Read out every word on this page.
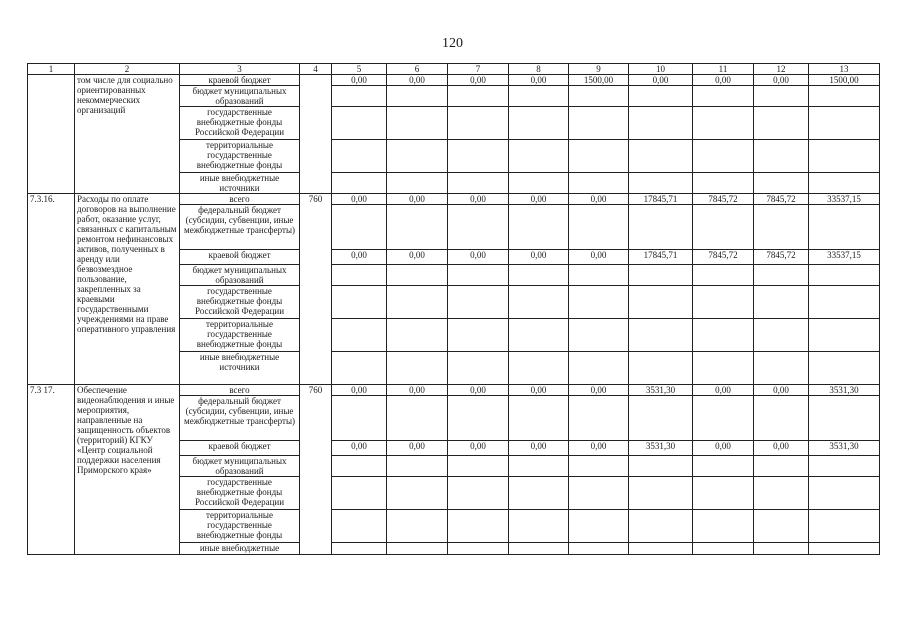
120
1	2	3	4	5	6	7	8	9	10	11	12	13
	том числе для социально ориентированных некоммерческих организаций	краевой бюджет		0,00	0,00	0,00	0,00	1500,00	0,00	0,00	0,00	1500,00
		бюджет муниципальных образований										
		государственные внебюджетные фонды Российской Федерации										
		территориальные государственные внебюджетные фонды										
		иные внебюджетные источники										
7.3.16.	Расходы по оплате договоров на выполнение работ, оказание услуг, связанных с капитальным ремонтом нефинансовых активов, полученных в аренду или безвозмездное пользование, закрепленных за краевыми государственными учреждениями на праве оперативного управления	всего	760	0,00	0,00	0,00	0,00	0,00	17845,71	7845,72	7845,72	33537,15
		федеральный бюджет (субсидии, субвенции, иные межбюджетные трансферты)										
		краевой бюджет		0,00	0,00	0,00	0,00	0,00	17845,71	7845,72	7845,72	33537,15
		бюджет муниципальных образований										
		государственные внебюджетные фонды Российской Федерации										
		территориальные государственные внебюджетные фонды										
		иные внебюджетные источники										
7.3 17.	Обеспечение видеонаблюдения и иные мероприятия, направленные на защищенность объектов (территорий) КГКУ «Центр социальной поддержки населения Приморского края»	всего	760	0,00	0,00	0,00	0,00	0,00	3531,30	0,00	0,00	3531,30
		федеральный бюджет (субсидии, субвенции, иные межбюджетные трансферты)										
		краевой бюджет		0,00	0,00	0,00	0,00	0,00	3531,30	0,00	0,00	3531,30
		бюджет муниципальных образований										
		государственные внебюджетные фонды Российской Федерации										
		территориальные государственные внебюджетные фонды										
		иные внебюджетные										
